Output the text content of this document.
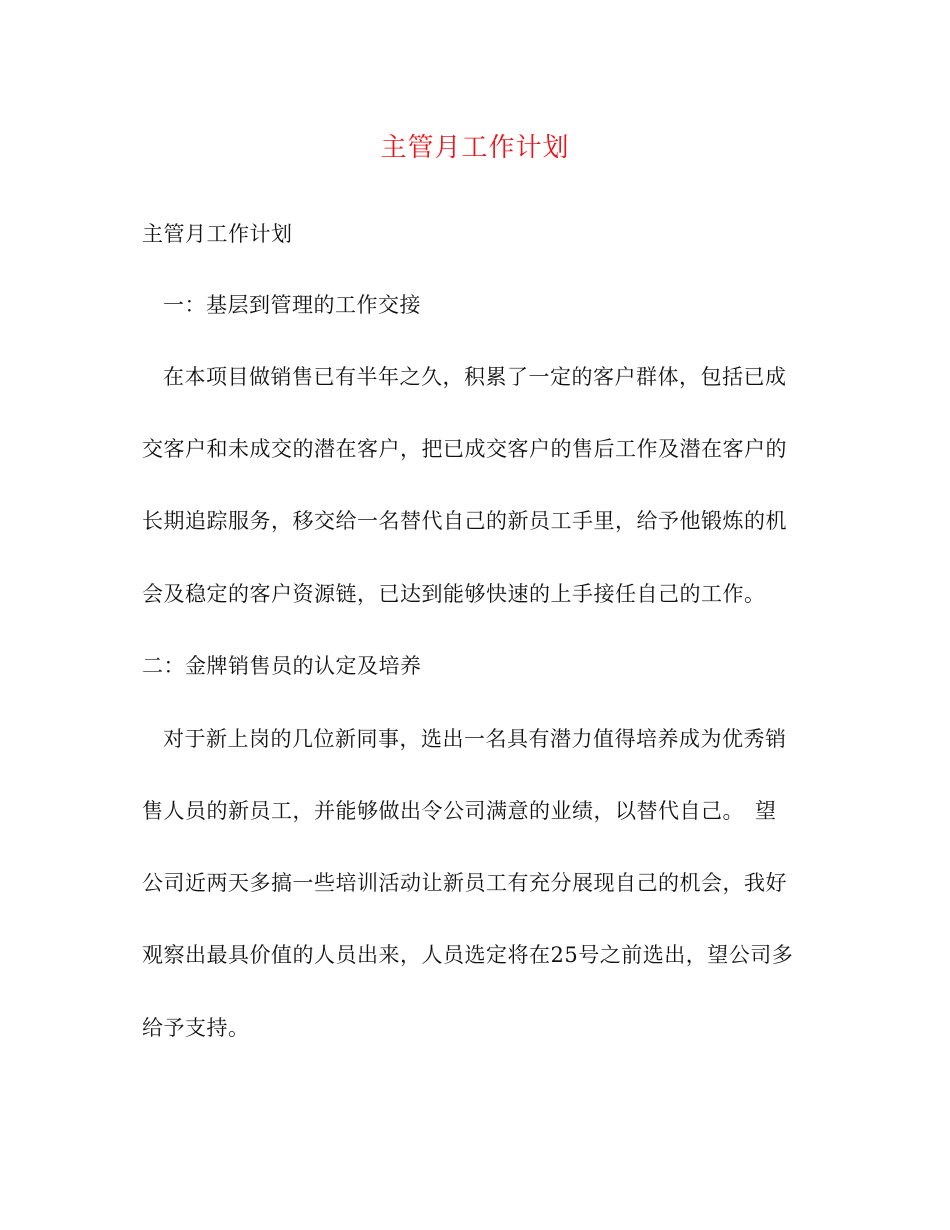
主管月工作计划
主管月工作计划
一：基层到管理的工作交接
在本项目做销售已有半年之久，积累了一定的客户群体，包括已成
交客户和未成交的潜在客户，把已成交客户的售后工作及潜在客户的
长期追踪服务，移交给一名替代自己的新员工手里，给予他锻炼的机
会及稳定的客户资源链，已达到能够快速的上手接任自己的工作。
二：金牌销售员的认定及培养
对于新上岗的几位新同事，选出一名具有潜力值得培养成为优秀销
售人员的新员工，并能够做出令公司满意的业绩，以替代自己。　望
公司近两天多搞一些培训活动让新员工有充分展现自己的机会，我好
观察出最具价值的人员出来，人员选定将在25号之前选出，望公司多
给予支持。
